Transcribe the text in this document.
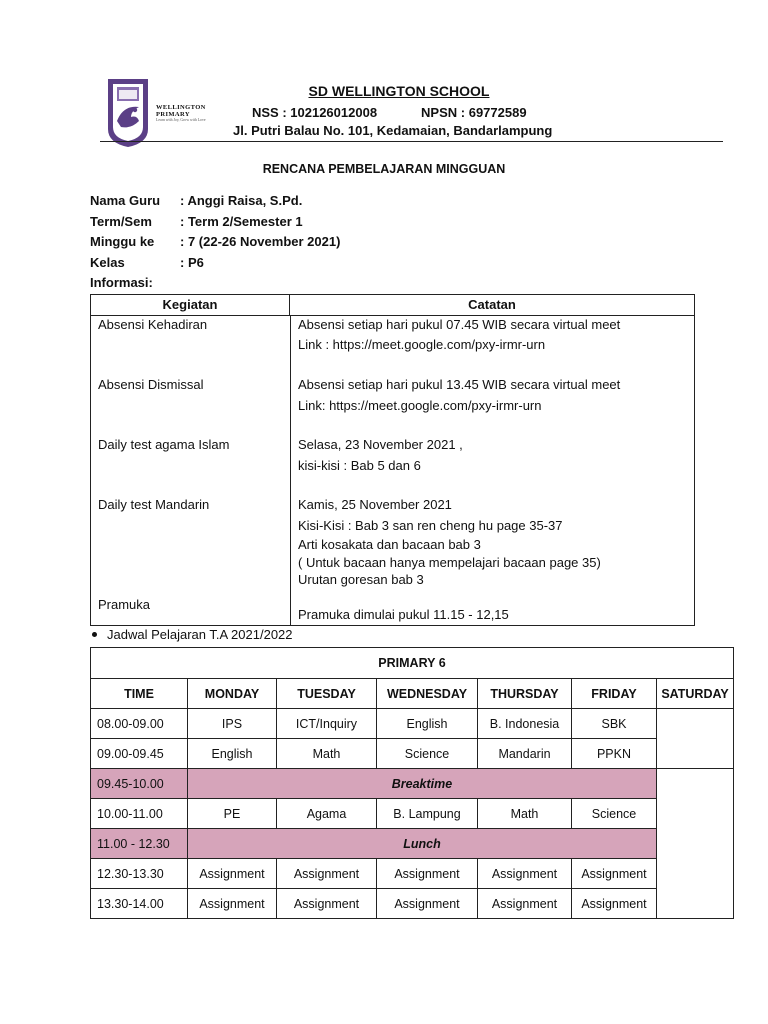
WELLINGTON
PRIMARY
Learn with Joy, Grow with Love
SD WELLINGTON SCHOOL
NSS : 102126012008	NPSN : 69772589
Jl. Putri Balau No. 101, Kedamaian, Bandarlampung
RENCANA PEMBELAJARAN MINGGUAN
Nama Guru	: Anggi Raisa, S.Pd.
Term/Sem	: Term 2/Semester 1
Minggu ke	: 7 (22-26 November 2021)
Kelas	: P6
Informasi:
Kegiatan	Catatan
Absensi Kehadiran	Absensi setiap hari pukul 07.45 WIB secara virtual meet
Link : https://meet.google.com/pxy-irmr-urn
Absensi Dismissal	Absensi setiap hari pukul 13.45 WIB secara virtual meet
Link: https://meet.google.com/pxy-irmr-urn
Daily test agama Islam	Selasa, 23 November 2021 ,
kisi-kisi : Bab 5 dan 6
Daily test Mandarin	Kamis, 25 November 2021
Kisi-Kisi : Bab 3 san ren cheng hu page 35-37
Arti kosakata dan bacaan bab 3
( Untuk bacaan hanya mempelajari bacaan page 35)
Urutan goresan bab 3
Pramuka
Pramuka dimulai pukul 11.15 - 12,15
Jadwal Pelajaran T.A 2021/2022
PRIMARY 6						
TIME	MONDAY	TUESDAY	WEDNESDAY	THURSDAY	FRIDAY	SATURDAY
08.00-09.00	IPS	ICT/Inquiry	English	B. Indonesia	SBK	
09.00-09.45	English	Math	Science	Mandarin	PPKN	
09.45-10.00	Breaktime					
10.00-11.00	PE	Agama	B. Lampung	Math	Science	
11.00 - 12.30	Lunch					
12.30-13.30	Assignment	Assignment	Assignment	Assignment	Assignment	
13.30-14.00	Assignment	Assignment	Assignment	Assignment	Assignment	
